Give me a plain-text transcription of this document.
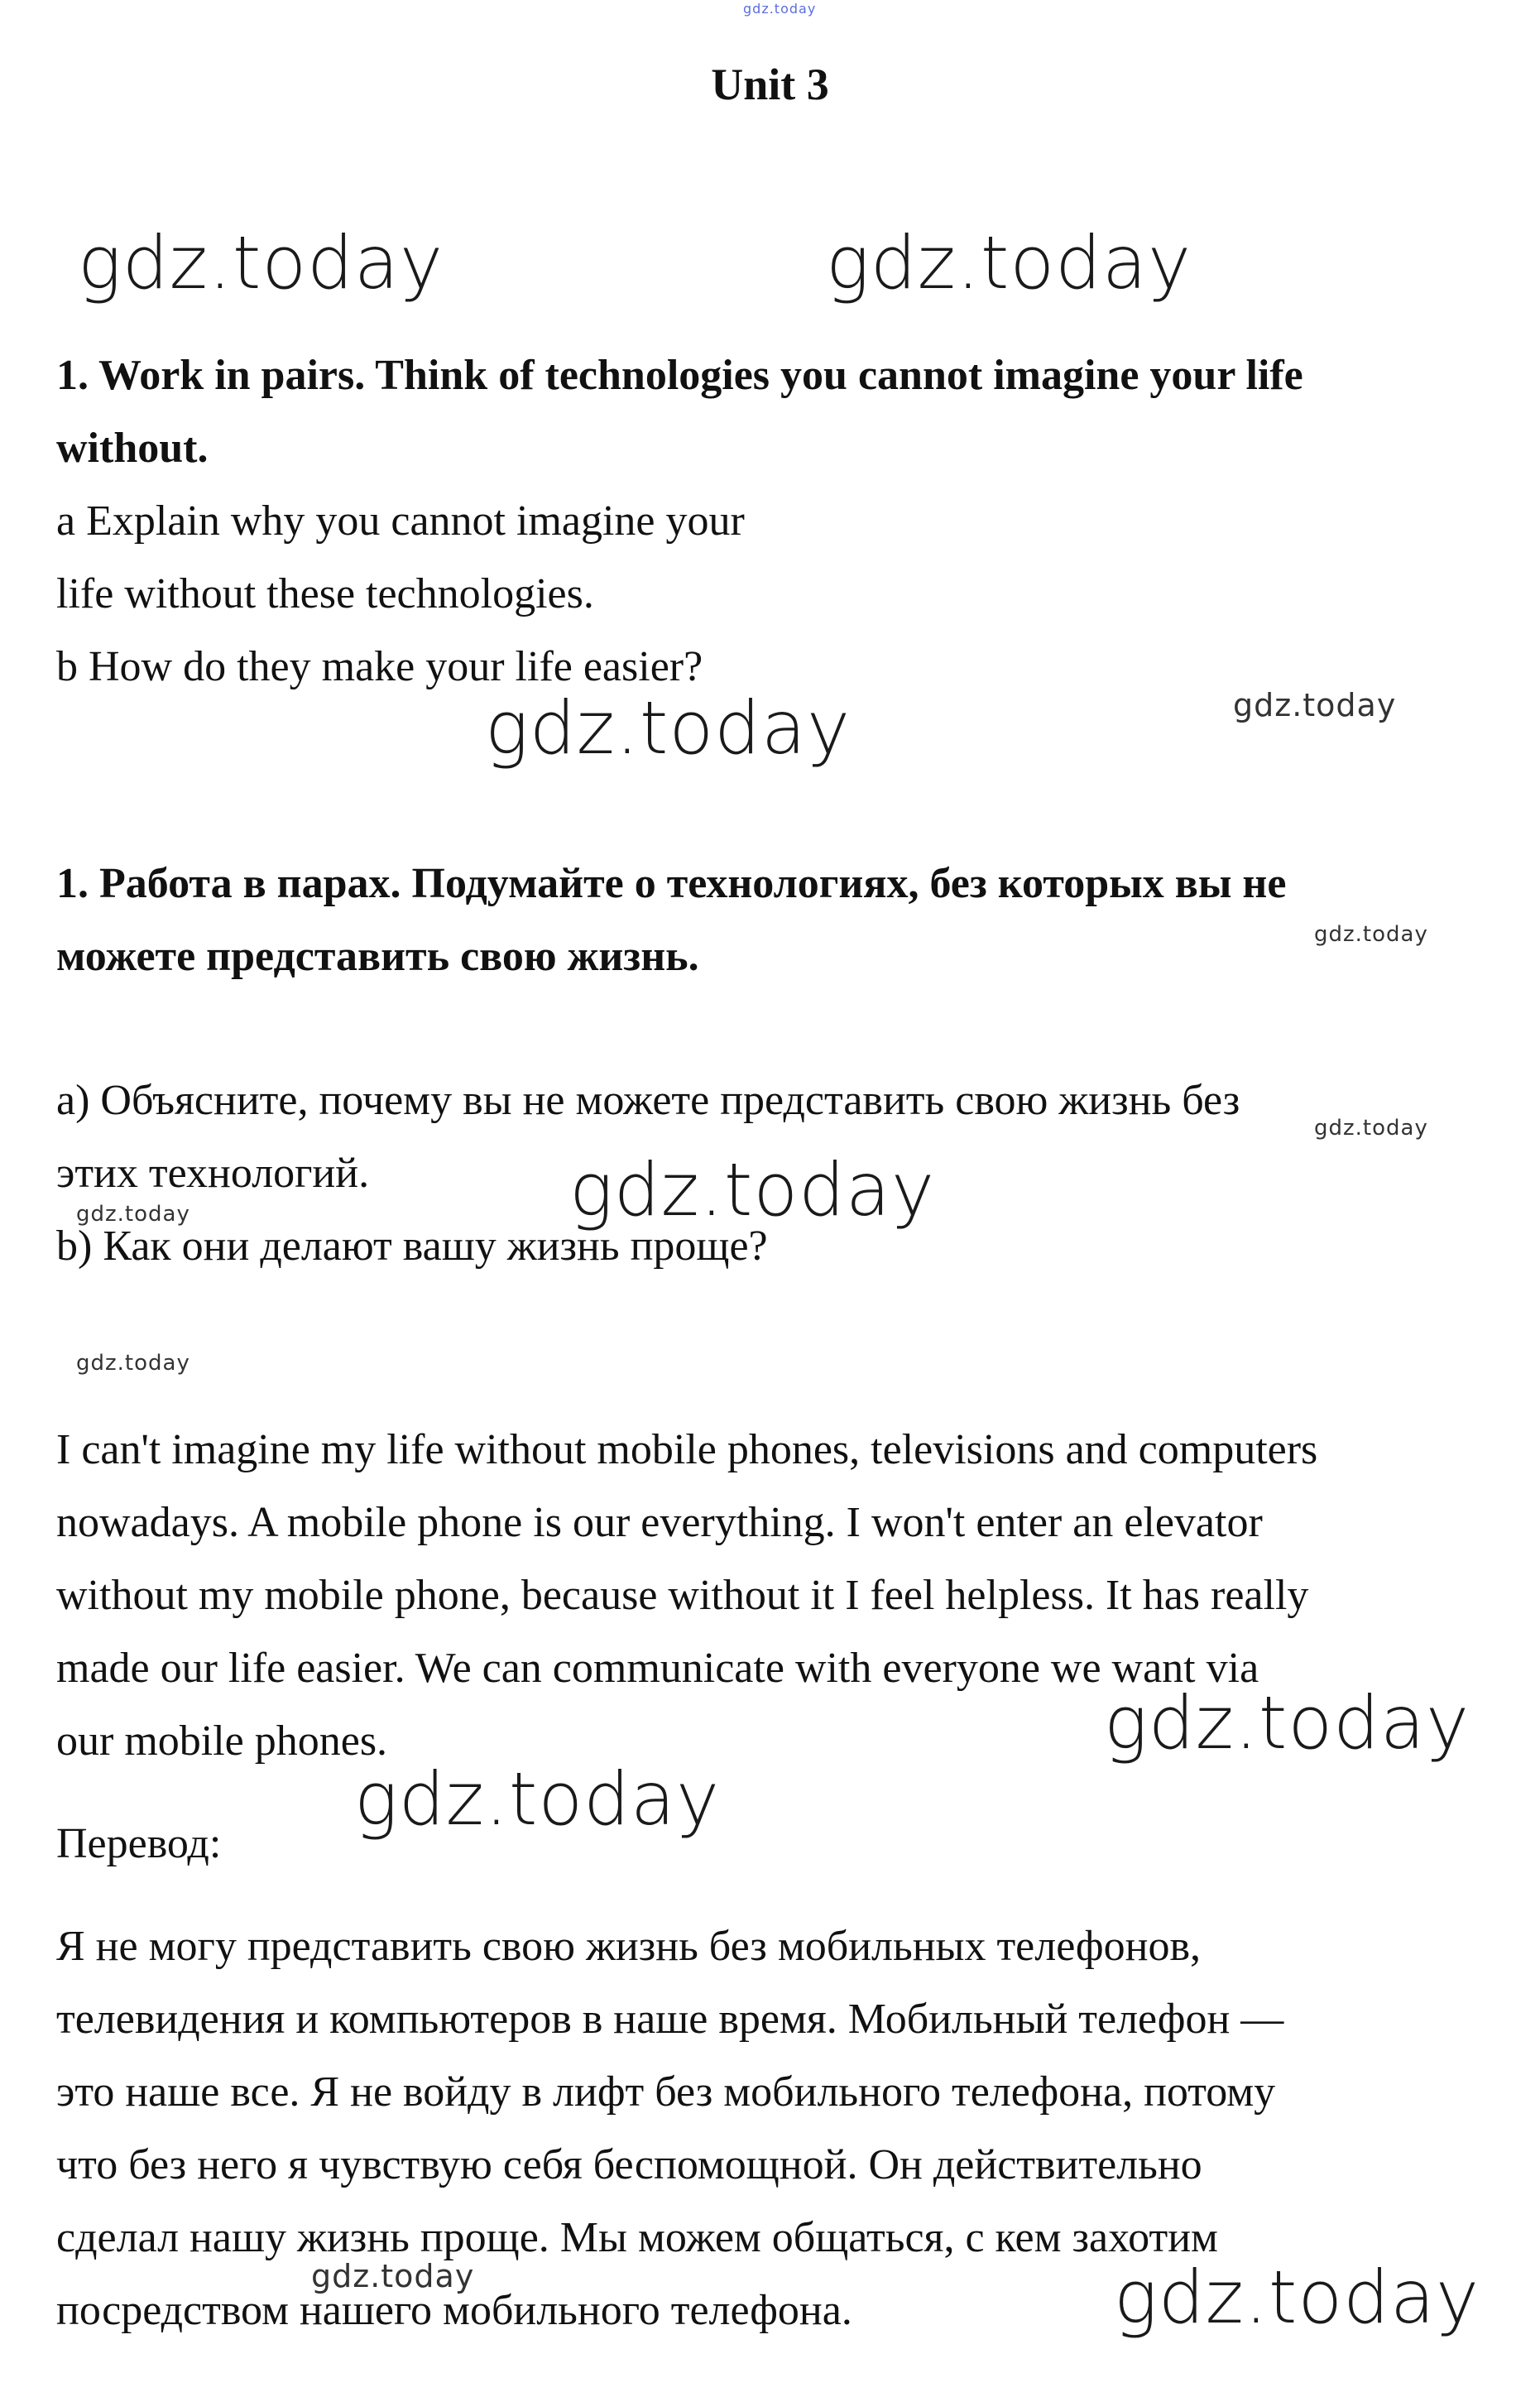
gdz.today
Unit 3
1. Work in pairs. Think of technologies you cannot imagine your life
without.
a Explain why you cannot imagine your
life without these technologies.
b How do they make your life easier?
1. Работа в парах. Подумайте о технологиях, без которых вы не
можете представить свою жизнь.
a) Объясните, почему вы не можете представить свою жизнь без
этих технологий.
b) Как они делают вашу жизнь проще?
I can't imagine my life without mobile phones, televisions and computers
nowadays. A mobile phone is our everything. I won't enter an elevator
without my mobile phone, because without it I feel helpless. It has really
made our life easier. We can communicate with everyone we want via
our mobile phones.
Перевод:
Я не могу представить свою жизнь без мобильных телефонов,
телевидения и компьютеров в наше время. Мобильный телефон —
это наше все. Я не войду в лифт без мобильного телефона, потому
что без него я чувствую себя беспомощной. Он действительно
сделал нашу жизнь проще. Мы можем общаться, с кем захотим
посредством нашего мобильного телефона.
gdz.today	gdz.today
gdz.today	gdz.today
gdz.today
gdz.today
gdz.today
gdz.today
gdz.today
gdz.today
gdz.today
gdz.today	gdz.today
